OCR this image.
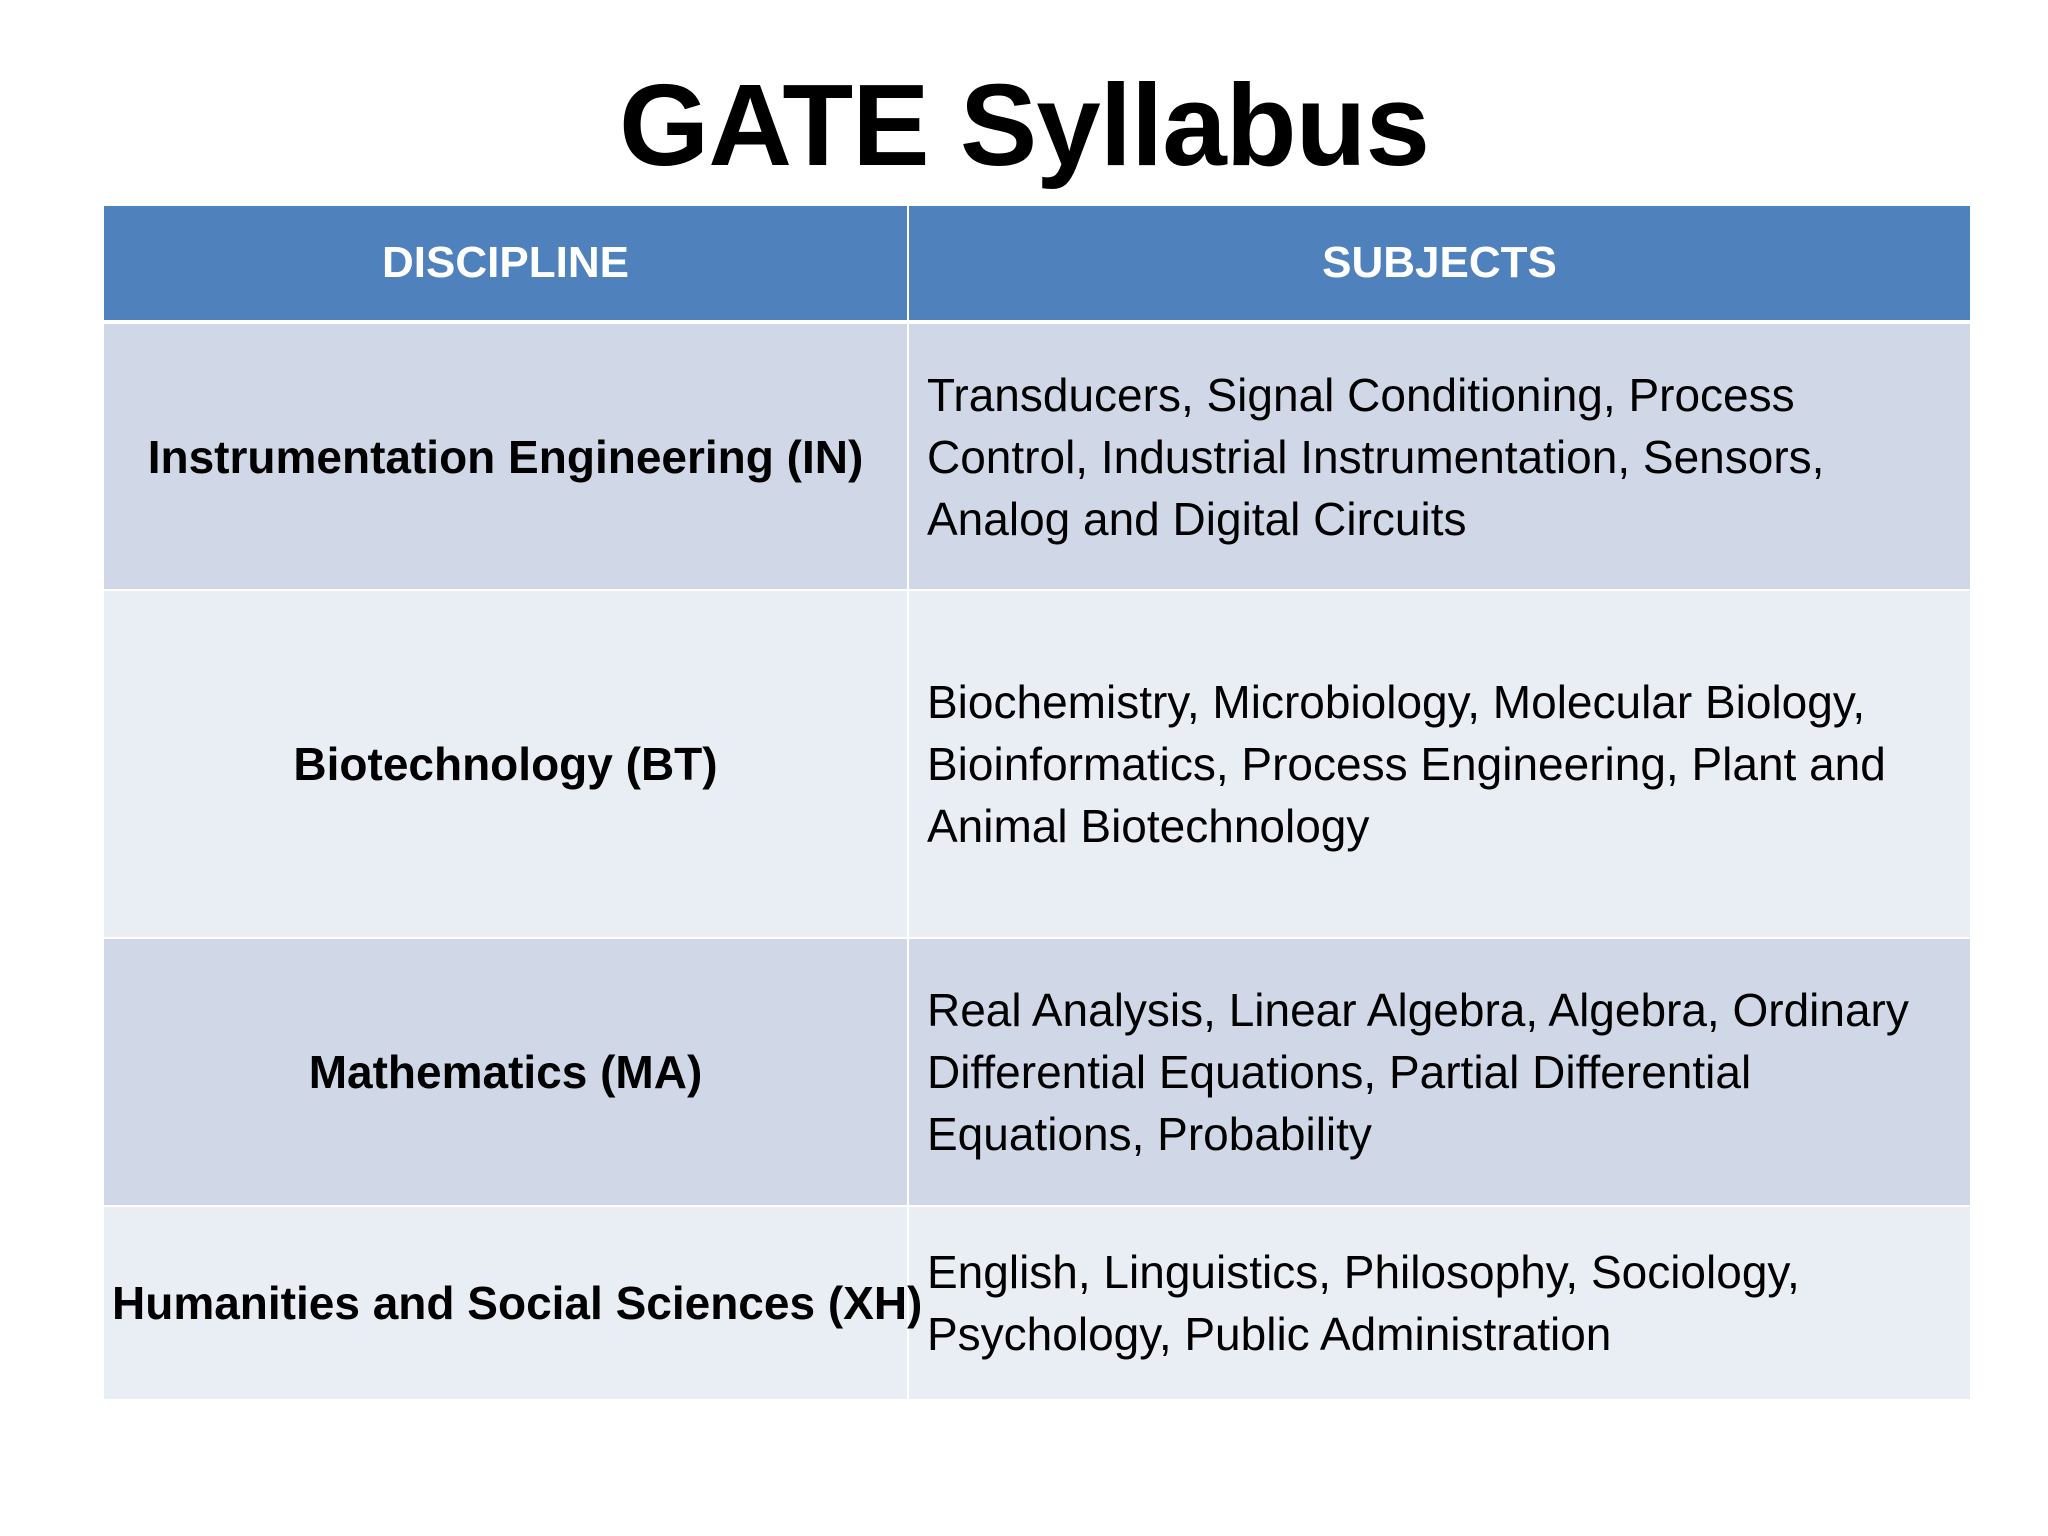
GATE Syllabus
DISCIPLINE	SUBJECTS
Instrumentation Engineering (IN)	Transducers, Signal Conditioning, Process Control, Industrial Instrumentation, Sensors, Analog and Digital Circuits
Biotechnology (BT)	Biochemistry, Microbiology, Molecular Biology, Bioinformatics, Process Engineering, Plant and Animal Biotechnology
Mathematics (MA)	Real Analysis, Linear Algebra, Algebra, Ordinary Differential Equations, Partial Differential Equations, Probability
Humanities and Social Sciences (XH)	English, Linguistics, Philosophy, Sociology, Psychology, Public Administration
